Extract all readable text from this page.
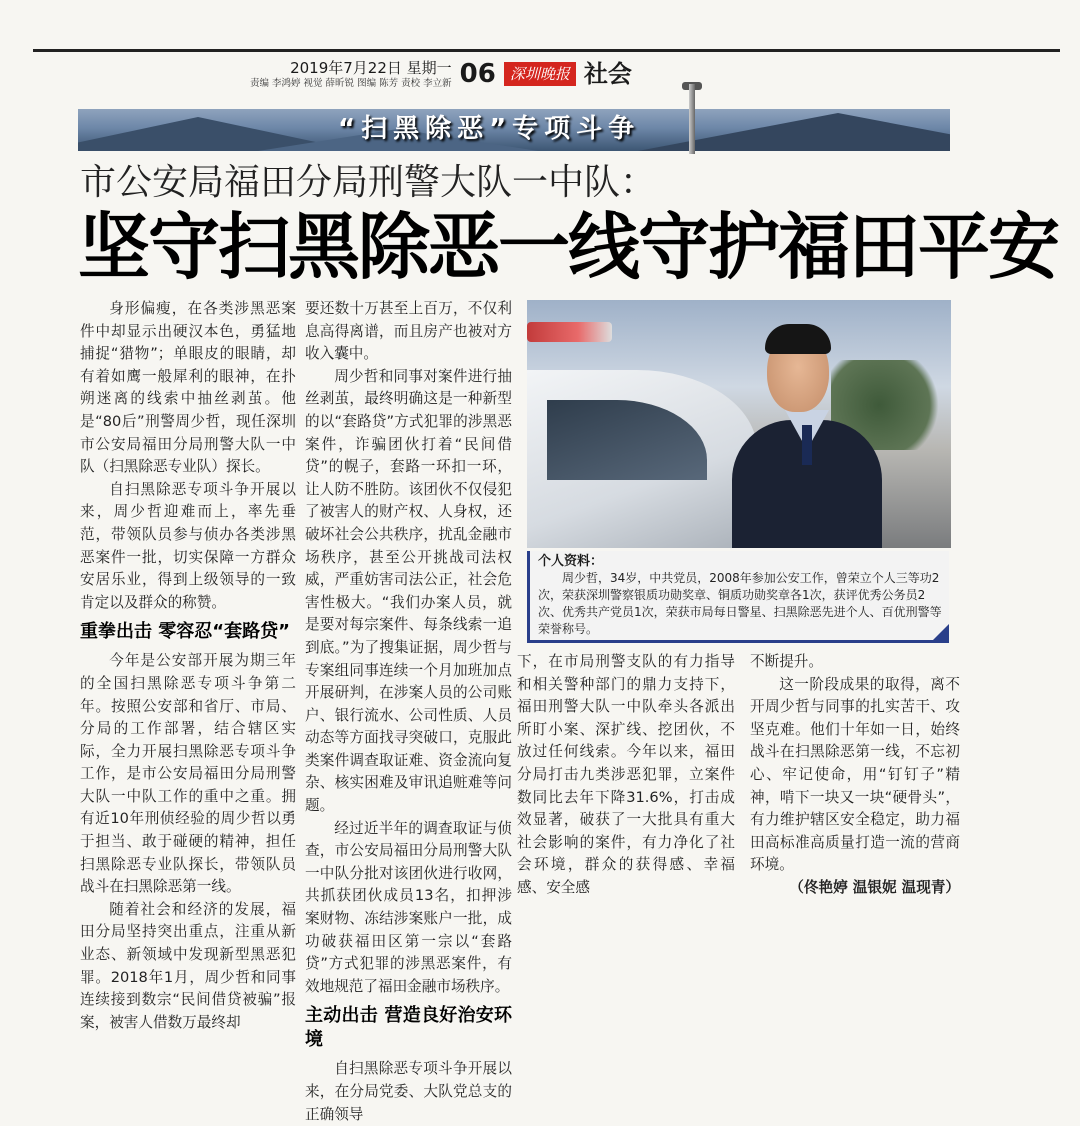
2019年7月22日 星期一
责编 李鸿婷 视觉 薛昕锐 图编 陈芳 责校 李立新 06 深圳晚报 社会
“扫黑除恶”专项斗争
市公安局福田分局刑警大队一中队：
坚守扫黑除恶一线守护福田平安

身形偏瘦，在各类涉黑恶案件中却显示出硬汉本色，勇猛地捕捉“猎物”；单眼皮的眼睛，却有着如鹰一般犀利的眼神，在扑朔迷离的线索中抽丝剥茧。他是“80后”刑警周少哲，现任深圳市公安局福田分局刑警大队一中队（扫黑除恶专业队）探长。

自扫黑除恶专项斗争开展以来，周少哲迎难而上，率先垂范，带领队员参与侦办各类涉黑恶案件一批，切实保障一方群众安居乐业，得到上级领导的一致肯定以及群众的称赞。

重拳出击 零容忍“套路贷”

今年是公安部开展为期三年的全国扫黑除恶专项斗争第二年。按照公安部和省厅、市局、分局的工作部署，结合辖区实际，全力开展扫黑除恶专项斗争工作，是市公安局福田分局刑警大队一中队工作的重中之重。拥有近10年刑侦经验的周少哲以勇于担当、敢于碰硬的精神，担任扫黑除恶专业队探长，带领队员战斗在扫黑除恶第一线。

随着社会和经济的发展，福田分局坚持突出重点，注重从新业态、新领域中发现新型黑恶犯罪。2018年1月，周少哲和同事连续接到数宗“民间借贷被骗”报案，被害人借数万最终却

要还数十万甚至上百万，不仅利息高得离谱，而且房产也被对方收入囊中。

周少哲和同事对案件进行抽丝剥茧，最终明确这是一种新型的以“套路贷”方式犯罪的涉黑恶案件，诈骗团伙打着“民间借贷”的幌子，套路一环扣一环，让人防不胜防。该团伙不仅侵犯了被害人的财产权、人身权，还破坏社会公共秩序，扰乱金融市场秩序，甚至公开挑战司法权威，严重妨害司法公正，社会危害性极大。“我们办案人员，就是要对每宗案件、每条线索一追到底。”为了搜集证据，周少哲与专案组同事连续一个月加班加点开展研判，在涉案人员的公司账户、银行流水、公司性质、人员动态等方面找寻突破口，克服此类案件调查取证难、资金流向复杂、核实困难及审讯追赃难等问题。

经过近半年的调查取证与侦查，市公安局福田分局刑警大队一中队分批对该团伙进行收网，共抓获团伙成员13名，扣押涉案财物、冻结涉案账户一批，成功破获福田区第一宗以“套路贷”方式犯罪的涉黑恶案件，有效地规范了福田金融市场秩序。

主动出击 营造良好治安环境

自扫黑除恶专项斗争开展以来，在分局党委、大队党总支的正确领导

个人资料：
周少哲，34岁，中共党员，2008年参加公安工作，曾荣立个人三等功2次，荣获深圳警察银质功勋奖章、铜质功勋奖章各1次，获评优秀公务员2次、优秀共产党员1次，荣获市局每日警星、扫黑除恶先进个人、百优刑警等荣誉称号。

下，在市局刑警支队的有力指导和相关警种部门的鼎力支持下，福田刑警大队一中队牵头各派出所盯小案、深扩线、挖团伙，不放过任何线索。今年以来，福田分局打击九类涉恶犯罪，立案件数同比去年下降31.6%，打击成效显著，破获了一大批具有重大社会影响的案件，有力净化了社会环境，群众的获得感、幸福感、安全感

不断提升。

这一阶段成果的取得，离不开周少哲与同事的扎实苦干、攻坚克难。他们十年如一日，始终战斗在扫黑除恶第一线，不忘初心、牢记使命，用“钉钉子”精神，啃下一块又一块“硬骨头”，有力维护辖区安全稳定，助力福田高标准高质量打造一流的营商环境。

（佟艳婷 温银妮 温现青）
